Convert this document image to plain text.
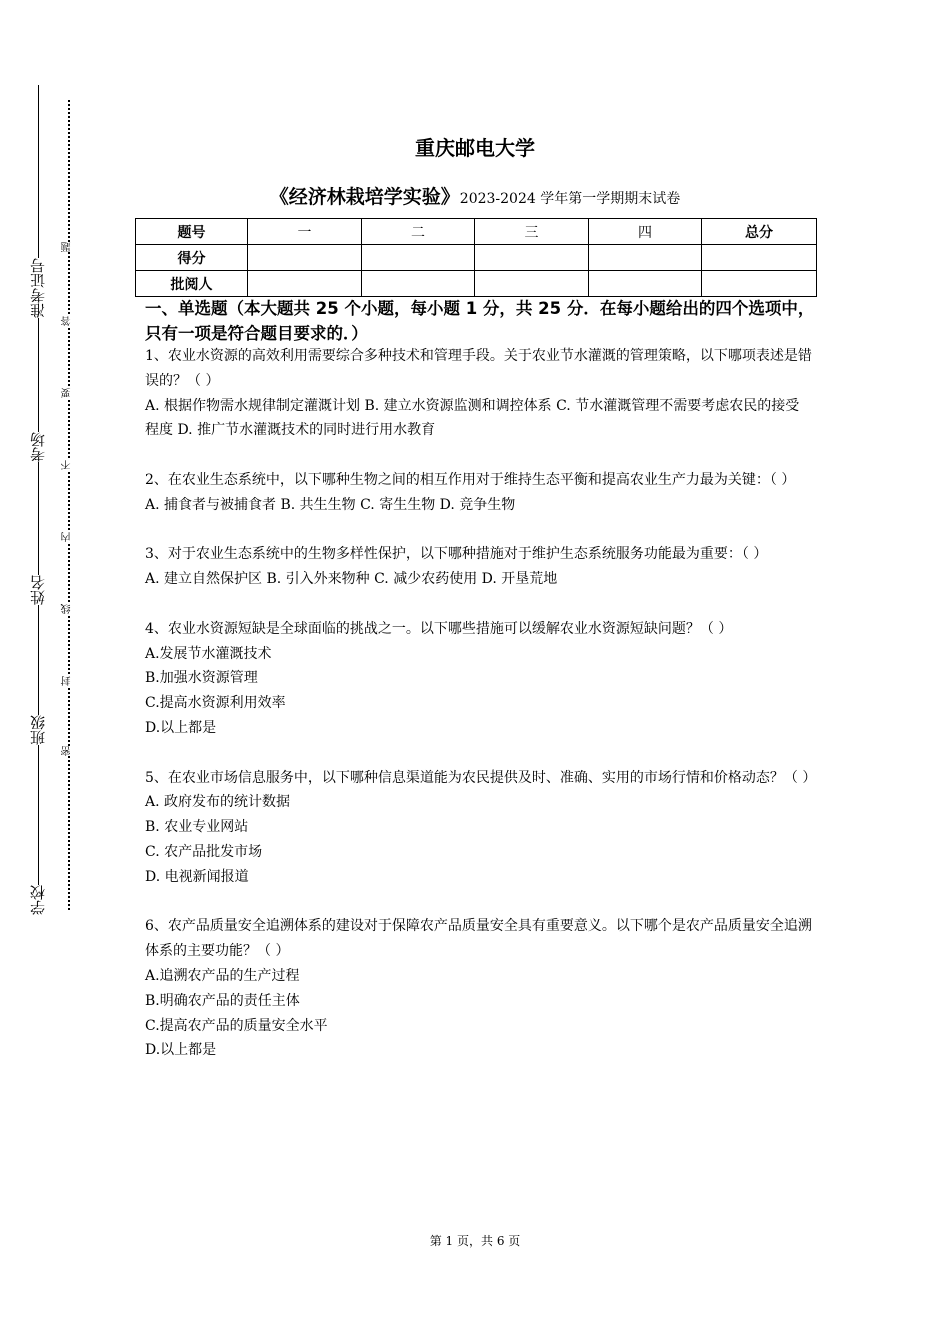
准考证号
考场
姓名
班级
学校
题
答
要
不
内
线
封
密
重庆邮电大学
《经济林栽培学实验》2023-2024 学年第一学期期末试卷
题号	一	二	三	四	总分
得分					
批阅人					
一、单选题（本大题共 25 个小题，每小题 1 分，共 25 分．在每小题给出的四个选项中，只有一项是符合题目要求的．）

1、农业水资源的高效利用需要综合多种技术和管理手段。关于农业节水灌溉的管理策略，以下哪项表述是错误的？（ ）

A. 根据作物需水规律制定灌溉计划 B. 建立水资源监测和调控体系 C. 节水灌溉管理不需要考虑农民的接受程度 D. 推广节水灌溉技术的同时进行用水教育

2、在农业生态系统中，以下哪种生物之间的相互作用对于维持生态平衡和提高农业生产力最为关键：（ ）

A. 捕食者与被捕食者 B. 共生生物 C. 寄生生物 D. 竞争生物

3、对于农业生态系统中的生物多样性保护，以下哪种措施对于维护生态系统服务功能最为重要：（ ）

A. 建立自然保护区 B. 引入外来物种 C. 减少农药使用 D. 开垦荒地

4、农业水资源短缺是全球面临的挑战之一。以下哪些措施可以缓解农业水资源短缺问题？（ ）

A.发展节水灌溉技术

B.加强水资源管理

C.提高水资源利用效率

D.以上都是

5、在农业市场信息服务中，以下哪种信息渠道能为农民提供及时、准确、实用的市场行情和价格动态？（ ）

A. 政府发布的统计数据

B. 农业专业网站

C. 农产品批发市场

D. 电视新闻报道

6、农产品质量安全追溯体系的建设对于保障农产品质量安全具有重要意义。以下哪个是农产品质量安全追溯体系的主要功能？（ ）

A.追溯农产品的生产过程

B.明确农产品的责任主体

C.提高农产品的质量安全水平

D.以上都是

第 1 页，共 6 页
